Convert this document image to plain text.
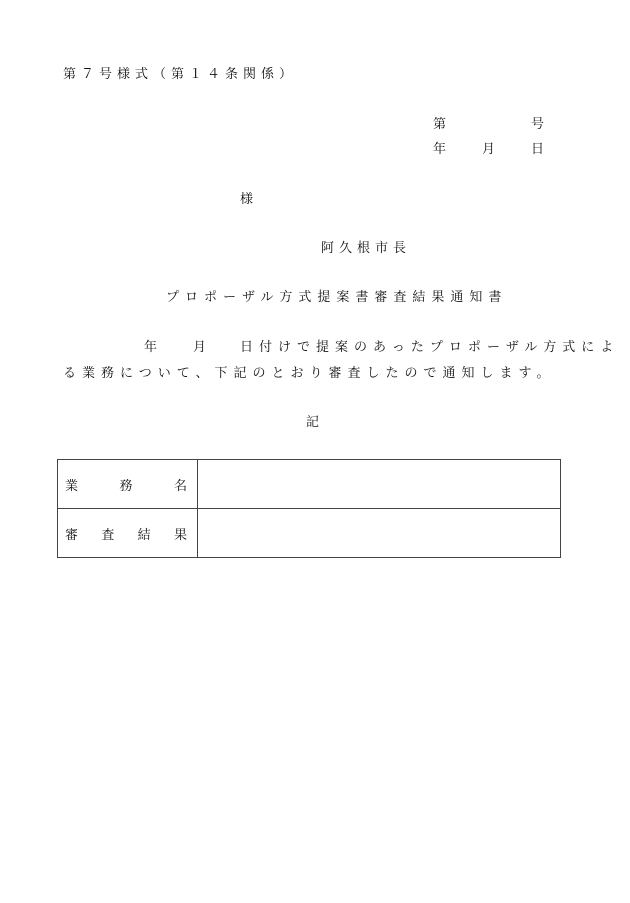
第７号様式（第１４条関係）
第	号
年	月	日
様
阿久根市長
プロポーザル方式提案書審査結果通知書
年	月	日付けで提案のあったプロポーザル方式によ
る業務について、下記のとおり審査したので通知します。
記
業 務 名	

審 査 結 果	
